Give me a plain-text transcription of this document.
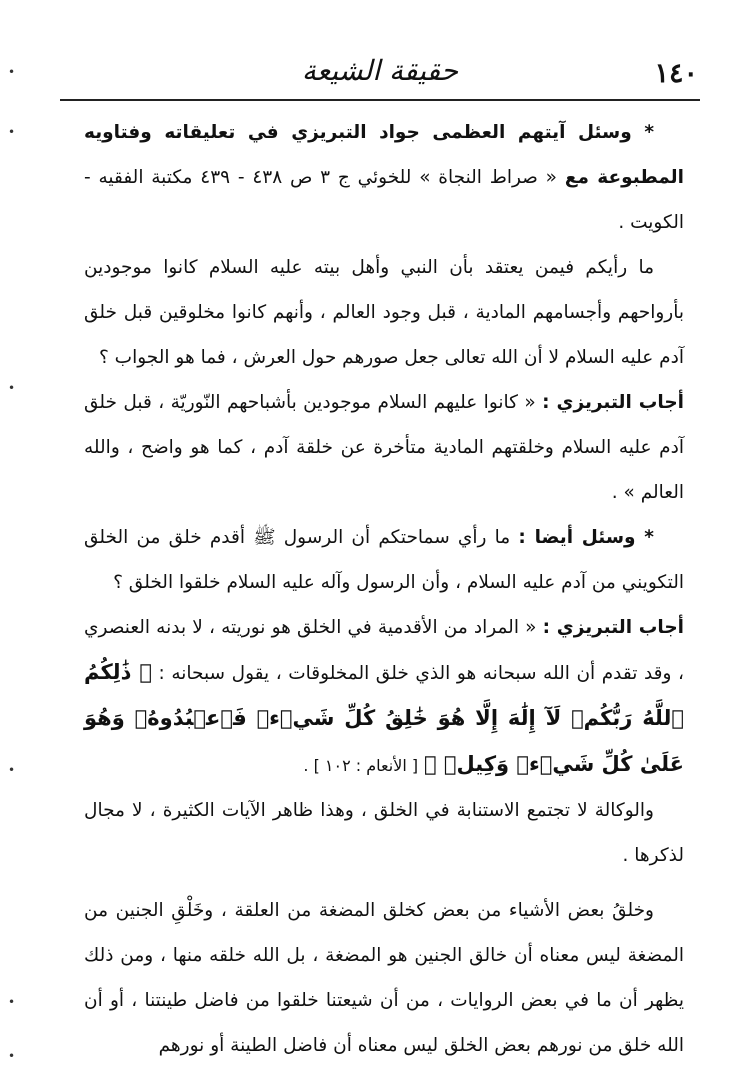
حقيقة الشيعة	١٤٠
•
•
•
•
•
•

* وسئل آيتهم العظمى جواد التبريزي في تعليقاته وفتاويه المطبوعة مع « صراط النجاة » للخوئي ج ٣ ص ٤٣٨ - ٤٣٩ مكتبة الفقيه - الكويت .

ما رأيكم فيمن يعتقد بأن النبي وأهل بيته عليه السلام كانوا موجودين بأرواحهم وأجسامهم المادية ، قبل وجود العالم ، وأنهم كانوا مخلوقين قبل خلق آدم عليه السلام لا أن الله تعالى جعل صورهم حول العرش ، فما هو الجواب ؟

أجاب التبريزي : « كانوا عليهم السلام موجودين بأشباحهم النّوريّة ، قبل خلق آدم عليه السلام وخلقتهم المادية متأخرة عن خلقة آدم ، كما هو واضح ، والله العالم » .

* وسئل أيضا : ما رأي سماحتكم أن الرسول ﷺ أقدم خلق من الخلق التكويني من آدم عليه السلام ، وأن الرسول وآله عليه السلام خلقوا الخلق ؟

أجاب التبريزي : « المراد من الأقدمية في الخلق هو نوريته ، لا بدنه العنصري ، وقد تقدم أن الله سبحانه هو الذي خلق المخلوقات ، يقول سبحانه : ﴿ ذَٰلِكُمُ ٱللَّهُ رَبُّكُمۡ لَآ إِلَٰهَ إِلَّا هُوَ خَٰلِقُ كُلِّ شَيۡءٖ فَٱعۡبُدُوهُۚ وَهُوَ عَلَىٰ كُلِّ شَيۡءٖ وَكِيلٞ ﴾ [ الأنعام : ١٠٢ ] .

والوكالة لا تجتمع الاستنابة في الخلق ، وهذا ظاهر الآيات الكثيرة ، لا مجال لذكرها .

وخلقُ بعض الأشياء من بعض كخلق المضغة من العلقة ، وخَلْقِ الجنين من المضغة ليس معناه أن خالق الجنين هو المضغة ، بل الله خلقه منها ، ومن ذلك يظهر أن ما في بعض الروايات ، من أن شيعتنا خلقوا من فاضل طينتنا ، أو أن الله خلق من نورهم بعض الخلق ليس معناه أن فاضل الطينة أو نورهم
